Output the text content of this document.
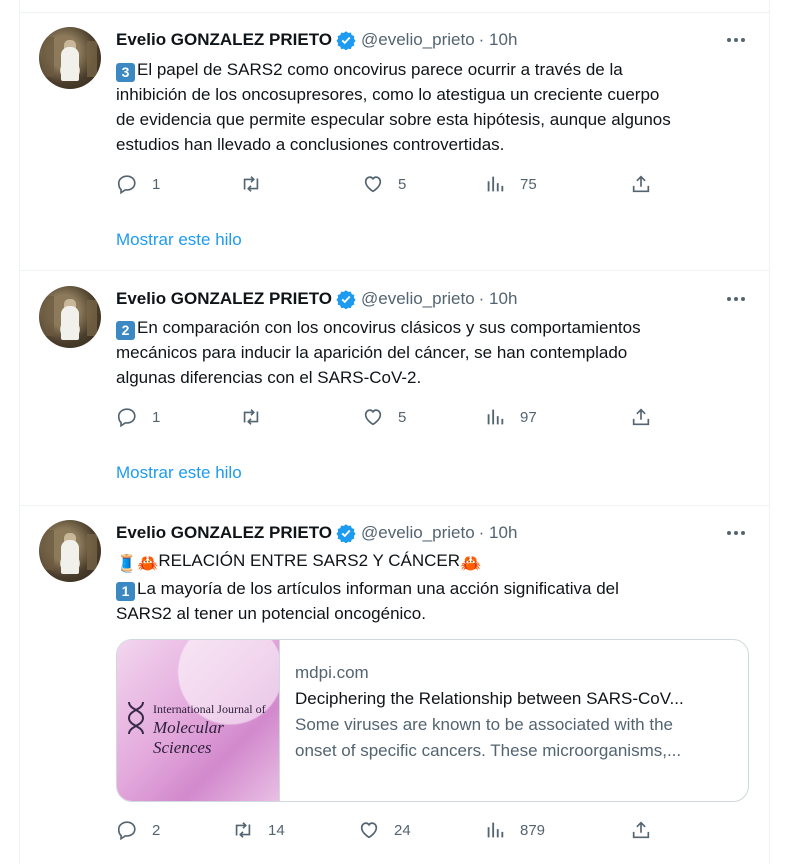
Evelio GONZALEZ PRIETO @evelio_prieto · 10h
3 El papel de SARS2 como oncovirus parece ocurrir a través de la
inhibición de los oncosupresores, como lo atestigua un creciente cuerpo
de evidencia que permite especular sobre esta hipótesis, aunque algunos
estudios han llevado a conclusiones controvertidas.
1	5	75
Mostrar este hilo
Evelio GONZALEZ PRIETO @evelio_prieto · 10h
2 En comparación con los oncovirus clásicos y sus comportamientos
mecánicos para inducir la aparición del cáncer, se han contemplado
algunas diferencias con el SARS-CoV-2.
1	5	97
Mostrar este hilo
Evelio GONZALEZ PRIETO @evelio_prieto · 10h
🧵🦀RELACIÓN ENTRE SARS2 Y CÁNCER🦀
1 La mayoría de los artículos informan una acción significativa del
SARS2 al tener un potencial oncogénico.
International Journal of
Molecular Sciences
mdpi.com
Deciphering the Relationship between SARS-CoV...
Some viruses are known to be associated with the
onset of specific cancers. These microorganisms,...
2	14	24	879
